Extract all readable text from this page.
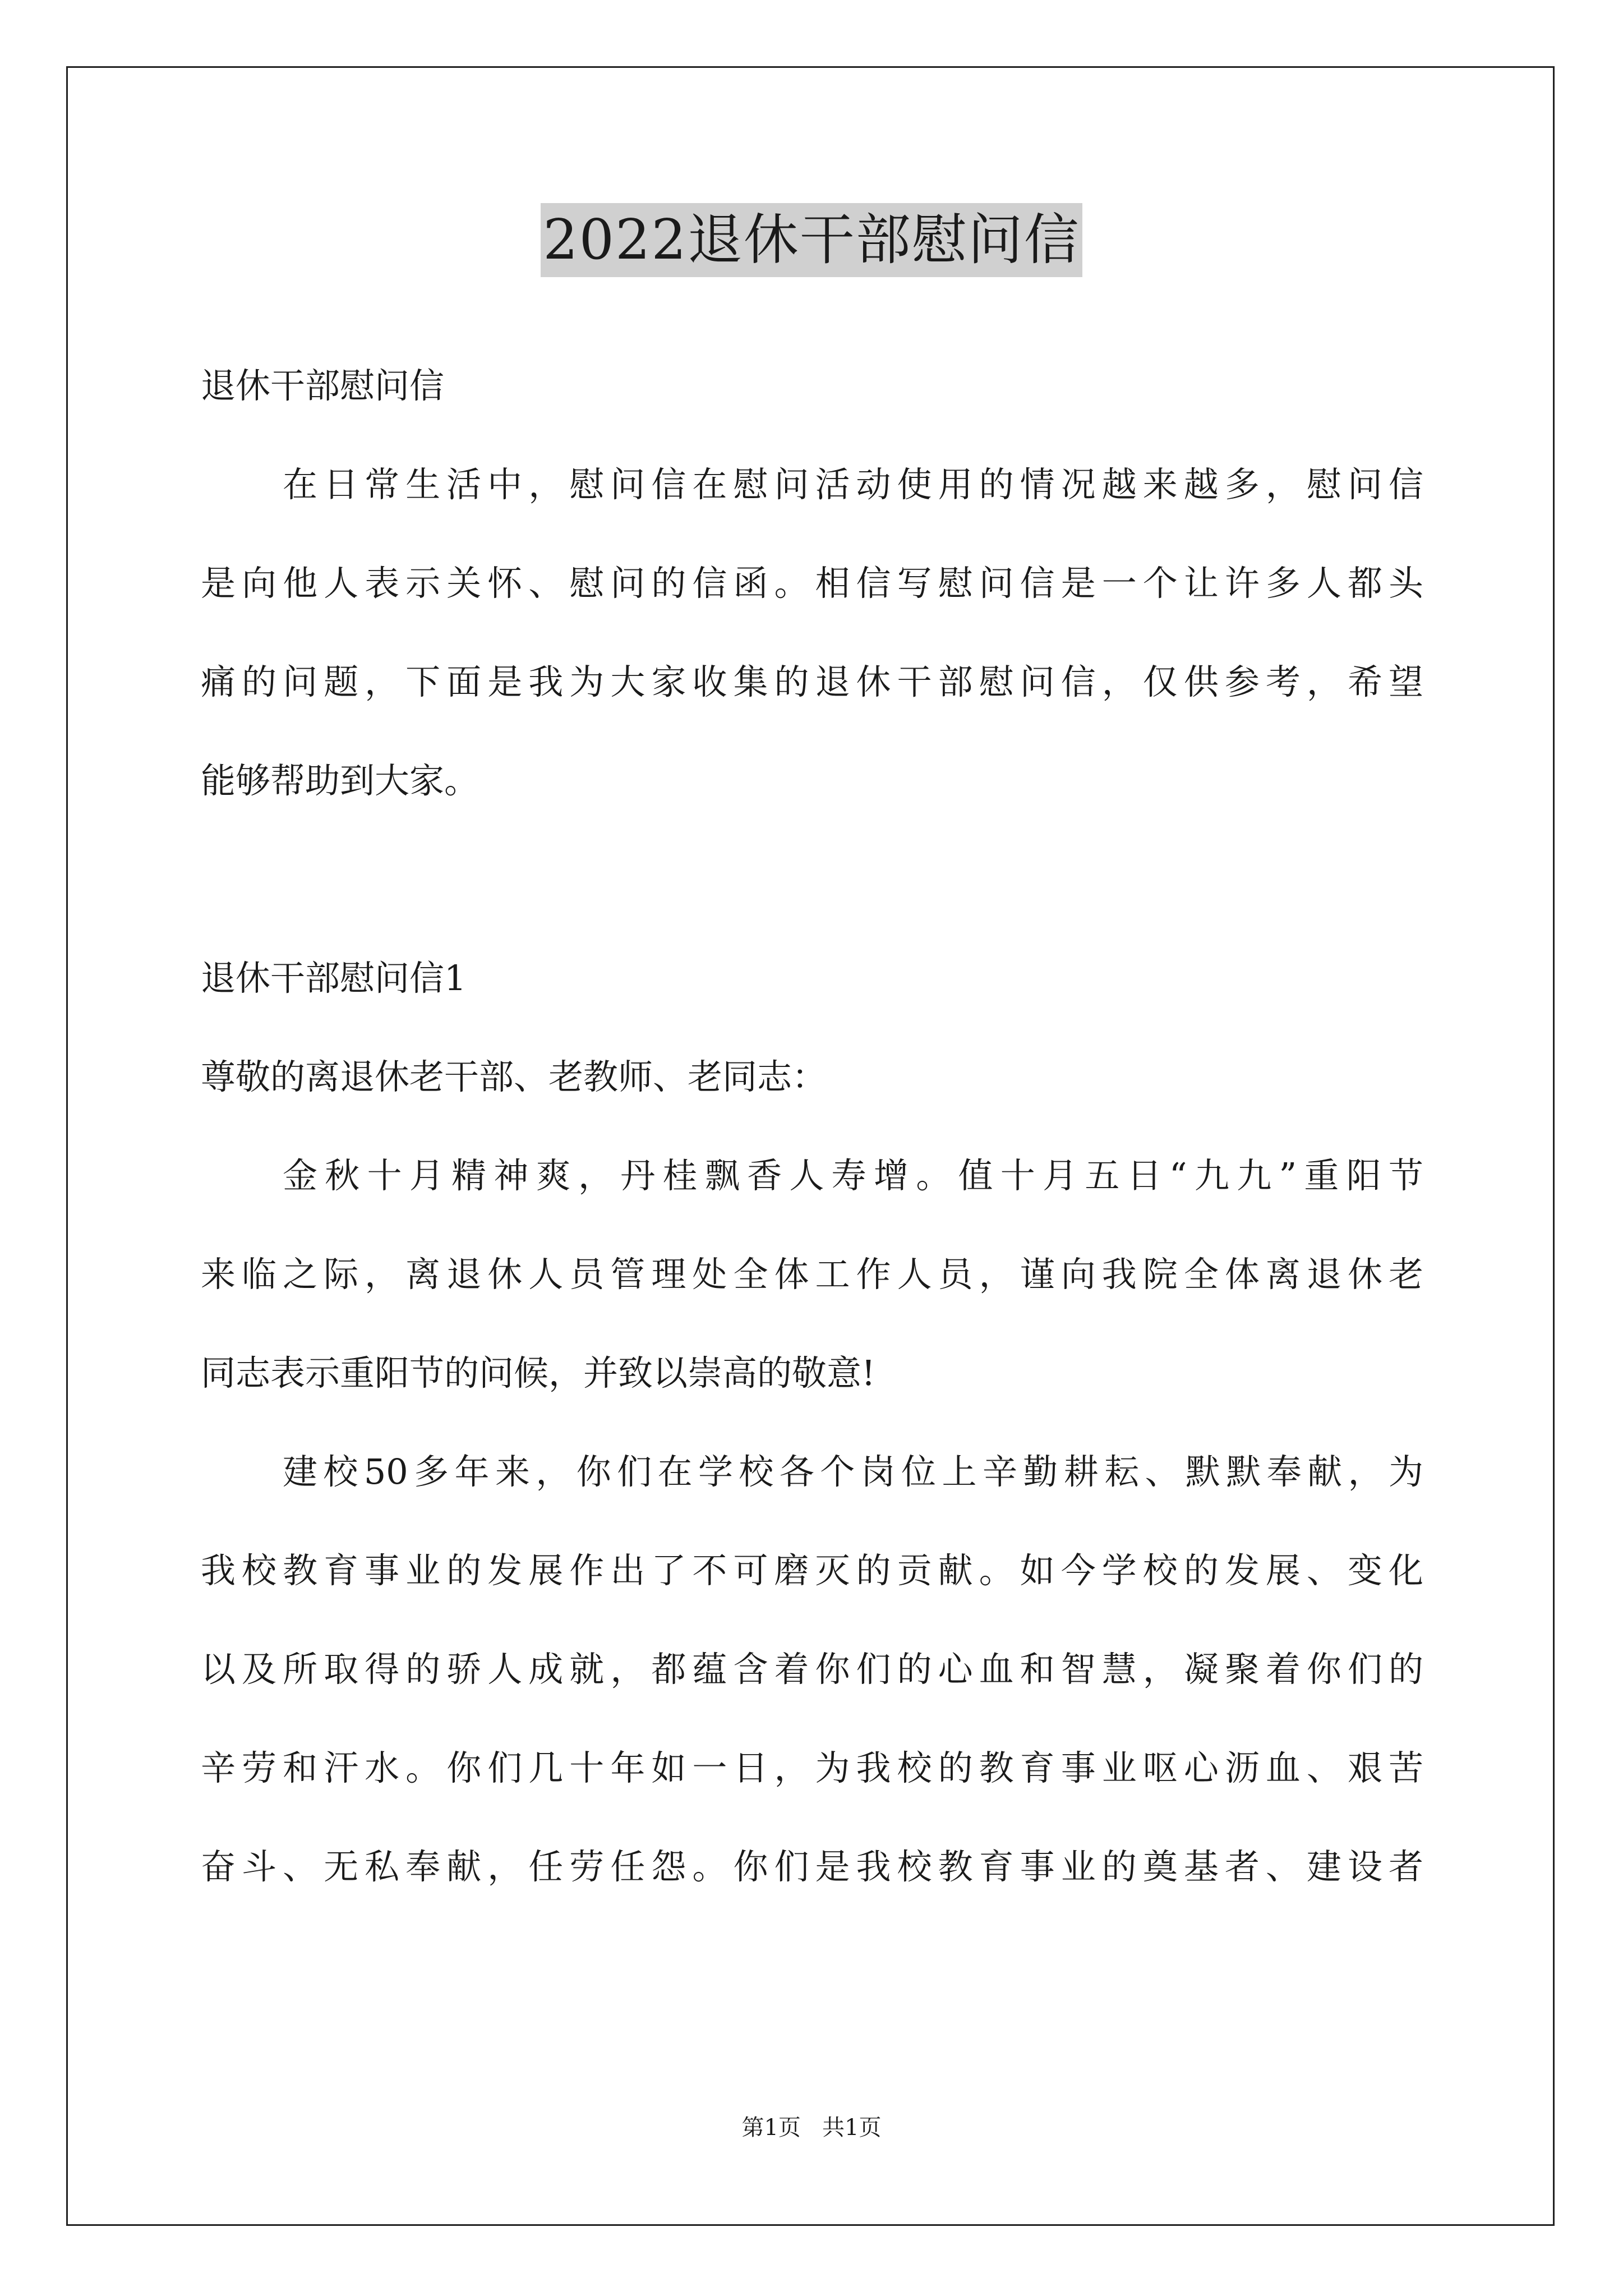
2022退休干部慰问信
退休干部慰问信
在日常生活中，慰问信在慰问活动使用的情况越来越多，慰问信
是向他人表示关怀、慰问的信函。相信写慰问信是一个让许多人都头
痛的问题，下面是我为大家收集的退休干部慰问信，仅供参考，希望
能够帮助到大家。
退休干部慰问信1
尊敬的离退休老干部、老教师、老同志：
金秋十月精神爽，丹桂飘香人寿增。值十月五日“九九”重阳节
来临之际，离退休人员管理处全体工作人员，谨向我院全体离退休老
同志表示重阳节的问候，并致以崇高的敬意!
建校50多年来，你们在学校各个岗位上辛勤耕耘、默默奉献，为
我校教育事业的发展作出了不可磨灭的贡献。如今学校的发展、变化
以及所取得的骄人成就，都蕴含着你们的心血和智慧，凝聚着你们的
辛劳和汗水。你们几十年如一日，为我校的教育事业呕心沥血、艰苦
奋斗、无私奉献，任劳任怨。你们是我校教育事业的奠基者、建设者
第1页   共1页
